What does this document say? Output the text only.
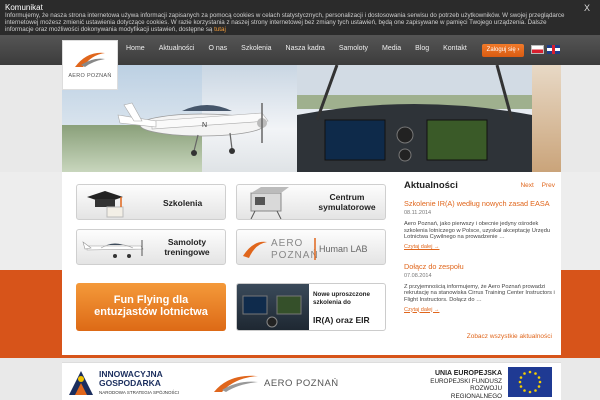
Komunikat
Informujemy, że nasza strona internetowa używa informacji zapisanych za pomocą cookies w celach statystycznych, personalizacji i dostosowania serwisu do potrzeb użytkowników. W swojej przeglądarce internetowej możesz zmienić ustawienia dotyczące cookies. W razie korzystania z naszej strony internetowej bez zmiany tych ustawień, będą one zapisywane w pamięci Twojego urządzenia. Dalsze informacje oraz możliwości dokonywania modyfikacji ustawień, dostępne są tutaj
X
Home	Aktualności	O nas	Szkolenia	Nasza kadra	Samoloty	Media	Blog	Kontakt	Zaloguj się ›
N
AERO POZNAŃ
Szkolenia
Centrum symulatorowe
Samoloty treningowe
AERO
POZNAŃ
Human LAB
Fun Flying dla entuzjastów lotnictwa
Nowe uproszczone szkolenia do
IR(A) oraz EIR
Aktualności	Next Prev
Szkolenie IR(A) według nowych zasad EASA
08.11.2014
Aero Poznań, jako pierwszy i obecnie jedyny ośrodek szkolenia lotniczego w Polsce, uzyskał akceptację Urzędu Lotnictwa Cywilnego na prowadzenie …
Czytaj dalej →
Dołącz do zespołu
07.08.2014
Z przyjemnością informujemy, że Aero Poznań prowadzi rekrutację na stanowiska Cirrus Training Center Instructors i Flight Instructors. Dołącz do …
Czytaj dalej →
Zobacz wszystkie aktualności
INNOWACYJNA GOSPODARKA
NARODOWA STRATEGIA SPÓJNOŚCI
AERO POZNAŃ
UNIA EUROPEJSKA
EUROPEJSKI FUNDUSZ
ROZWOJU REGIONALNEGO
